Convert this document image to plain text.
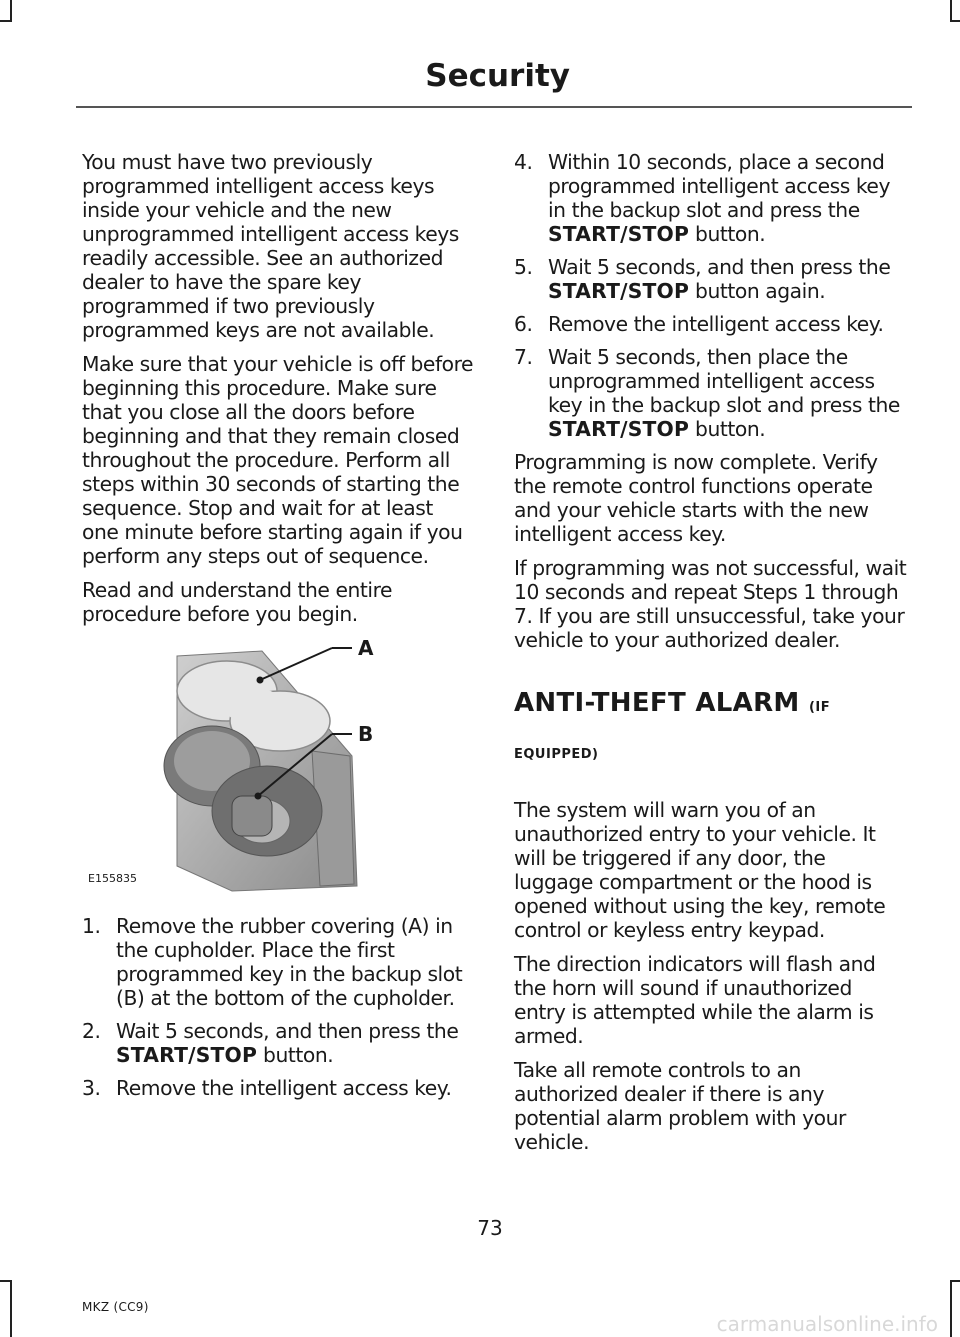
Security

You must have two previously programmed intelligent access keys inside your vehicle and the new unprogrammed intelligent access keys readily accessible. See an authorized dealer to have the spare key programmed if two previously programmed keys are not available.

Make sure that your vehicle is off before beginning this procedure. Make sure that you close all the doors before beginning and that they remain closed throughout the procedure. Perform all steps within 30 seconds of starting the sequence. Stop and wait for at least one minute before starting again if you perform any steps out of sequence.

Read and understand the entire procedure before you begin.

A
B
E155835
1. Remove the rubber covering (A) in the cupholder. Place the first programmed key in the backup slot (B) at the bottom of the cupholder.
2. Wait 5 seconds, and then press the START/STOP button.
3. Remove the intelligent access key.
4. Within 10 seconds, place a second programmed intelligent access key in the backup slot and press the START/STOP button.
5. Wait 5 seconds, and then press the START/STOP button again.
6. Remove the intelligent access key.
7. Wait 5 seconds, then place the unprogrammed intelligent access key in the backup slot and press the START/STOP button.

Programming is now complete. Verify the remote control functions operate and your vehicle starts with the new intelligent access key.

If programming was not successful, wait 10 seconds and repeat Steps 1 through 7. If you are still unsuccessful, take your vehicle to your authorized dealer.

ANTI-THEFT ALARM (IF EQUIPPED)

The system will warn you of an unauthorized entry to your vehicle. It will be triggered if any door, the luggage compartment or the hood is opened without using the key, remote control or keyless entry keypad.

The direction indicators will flash and the horn will sound if unauthorized entry is attempted while the alarm is armed.

Take all remote controls to an authorized dealer if there is any potential alarm problem with your vehicle.

73
MKZ (CC9)
carmanualsonline.info
